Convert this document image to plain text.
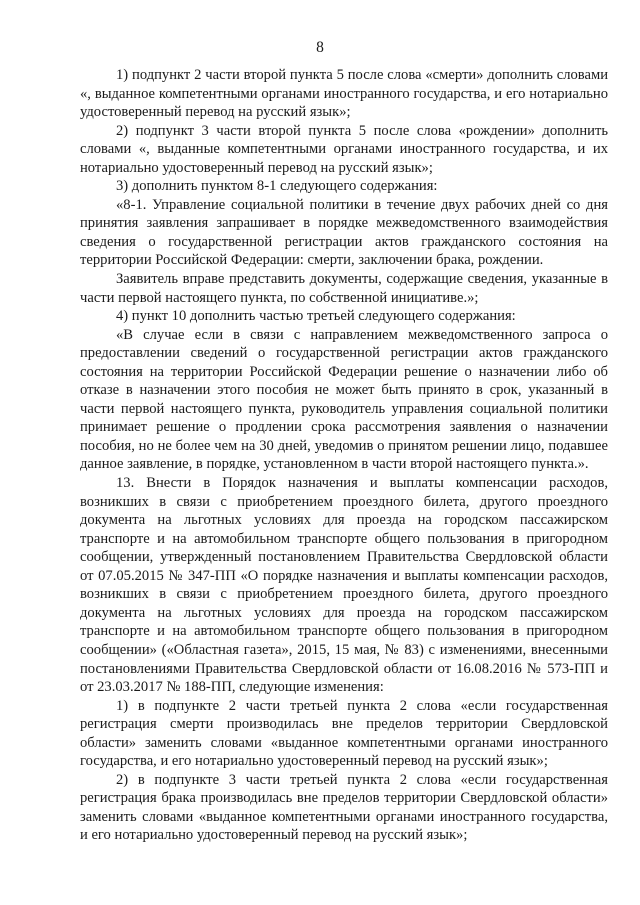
8

1) подпункт 2 части второй пункта 5 после слова «смерти» дополнить словами «, выданное компетентными органами иностранного государства, и его нотариально удостоверенный перевод на русский язык»;

2) подпункт 3 части второй пункта 5 после слова «рождении» дополнить словами «, выданные компетентными органами иностранного государства, и их нотариально удостоверенный перевод на русский язык»;

3) дополнить пунктом 8-1 следующего содержания:

«8-1. Управление социальной политики в течение двух рабочих дней со дня принятия заявления запрашивает в порядке межведомственного взаимодействия сведения о государственной регистрации актов гражданского состояния на территории Российской Федерации: смерти, заключении брака, рождении.

Заявитель вправе представить документы, содержащие сведения, указанные в части первой настоящего пункта, по собственной инициативе.»;

4) пункт 10 дополнить частью третьей следующего содержания:

«В случае если в связи с направлением межведомственного запроса о предоставлении сведений о государственной регистрации актов гражданского состояния на территории Российской Федерации решение о назначении либо об отказе в назначении этого пособия не может быть принято в срок, указанный в части первой настоящего пункта, руководитель управления социальной политики принимает решение о продлении срока рассмотрения заявления о назначении пособия, но не более чем на 30 дней, уведомив о принятом решении лицо, подавшее данное заявление, в порядке, установленном в части второй настоящего пункта.».

13. Внести в Порядок назначения и выплаты компенсации расходов, возникших в связи с приобретением проездного билета, другого проездного документа на льготных условиях для проезда на городском пассажирском транспорте и на автомобильном транспорте общего пользования в пригородном сообщении, утвержденный постановлением Правительства Свердловской области от 07.05.2015 № 347-ПП «О порядке назначения и выплаты компенсации расходов, возникших в связи с приобретением проездного билета, другого проездного документа на льготных условиях для проезда на городском пассажирском транспорте и на автомобильном транспорте общего пользования в пригородном сообщении» («Областная газета», 2015, 15 мая, № 83) с изменениями, внесенными постановлениями Правительства Свердловской области от 16.08.2016 № 573-ПП и от 23.03.2017 № 188-ПП, следующие изменения:

1) в подпункте 2 части третьей пункта 2 слова «если государственная регистрация смерти производилась вне пределов территории Свердловской области» заменить словами «выданное компетентными органами иностранного государства, и его нотариально удостоверенный перевод на русский язык»;

2) в подпункте 3 части третьей пункта 2 слова «если государственная регистрация брака производилась вне пределов территории Свердловской области» заменить словами «выданное компетентными органами иностранного государства, и его нотариально удостоверенный перевод на русский язык»;
